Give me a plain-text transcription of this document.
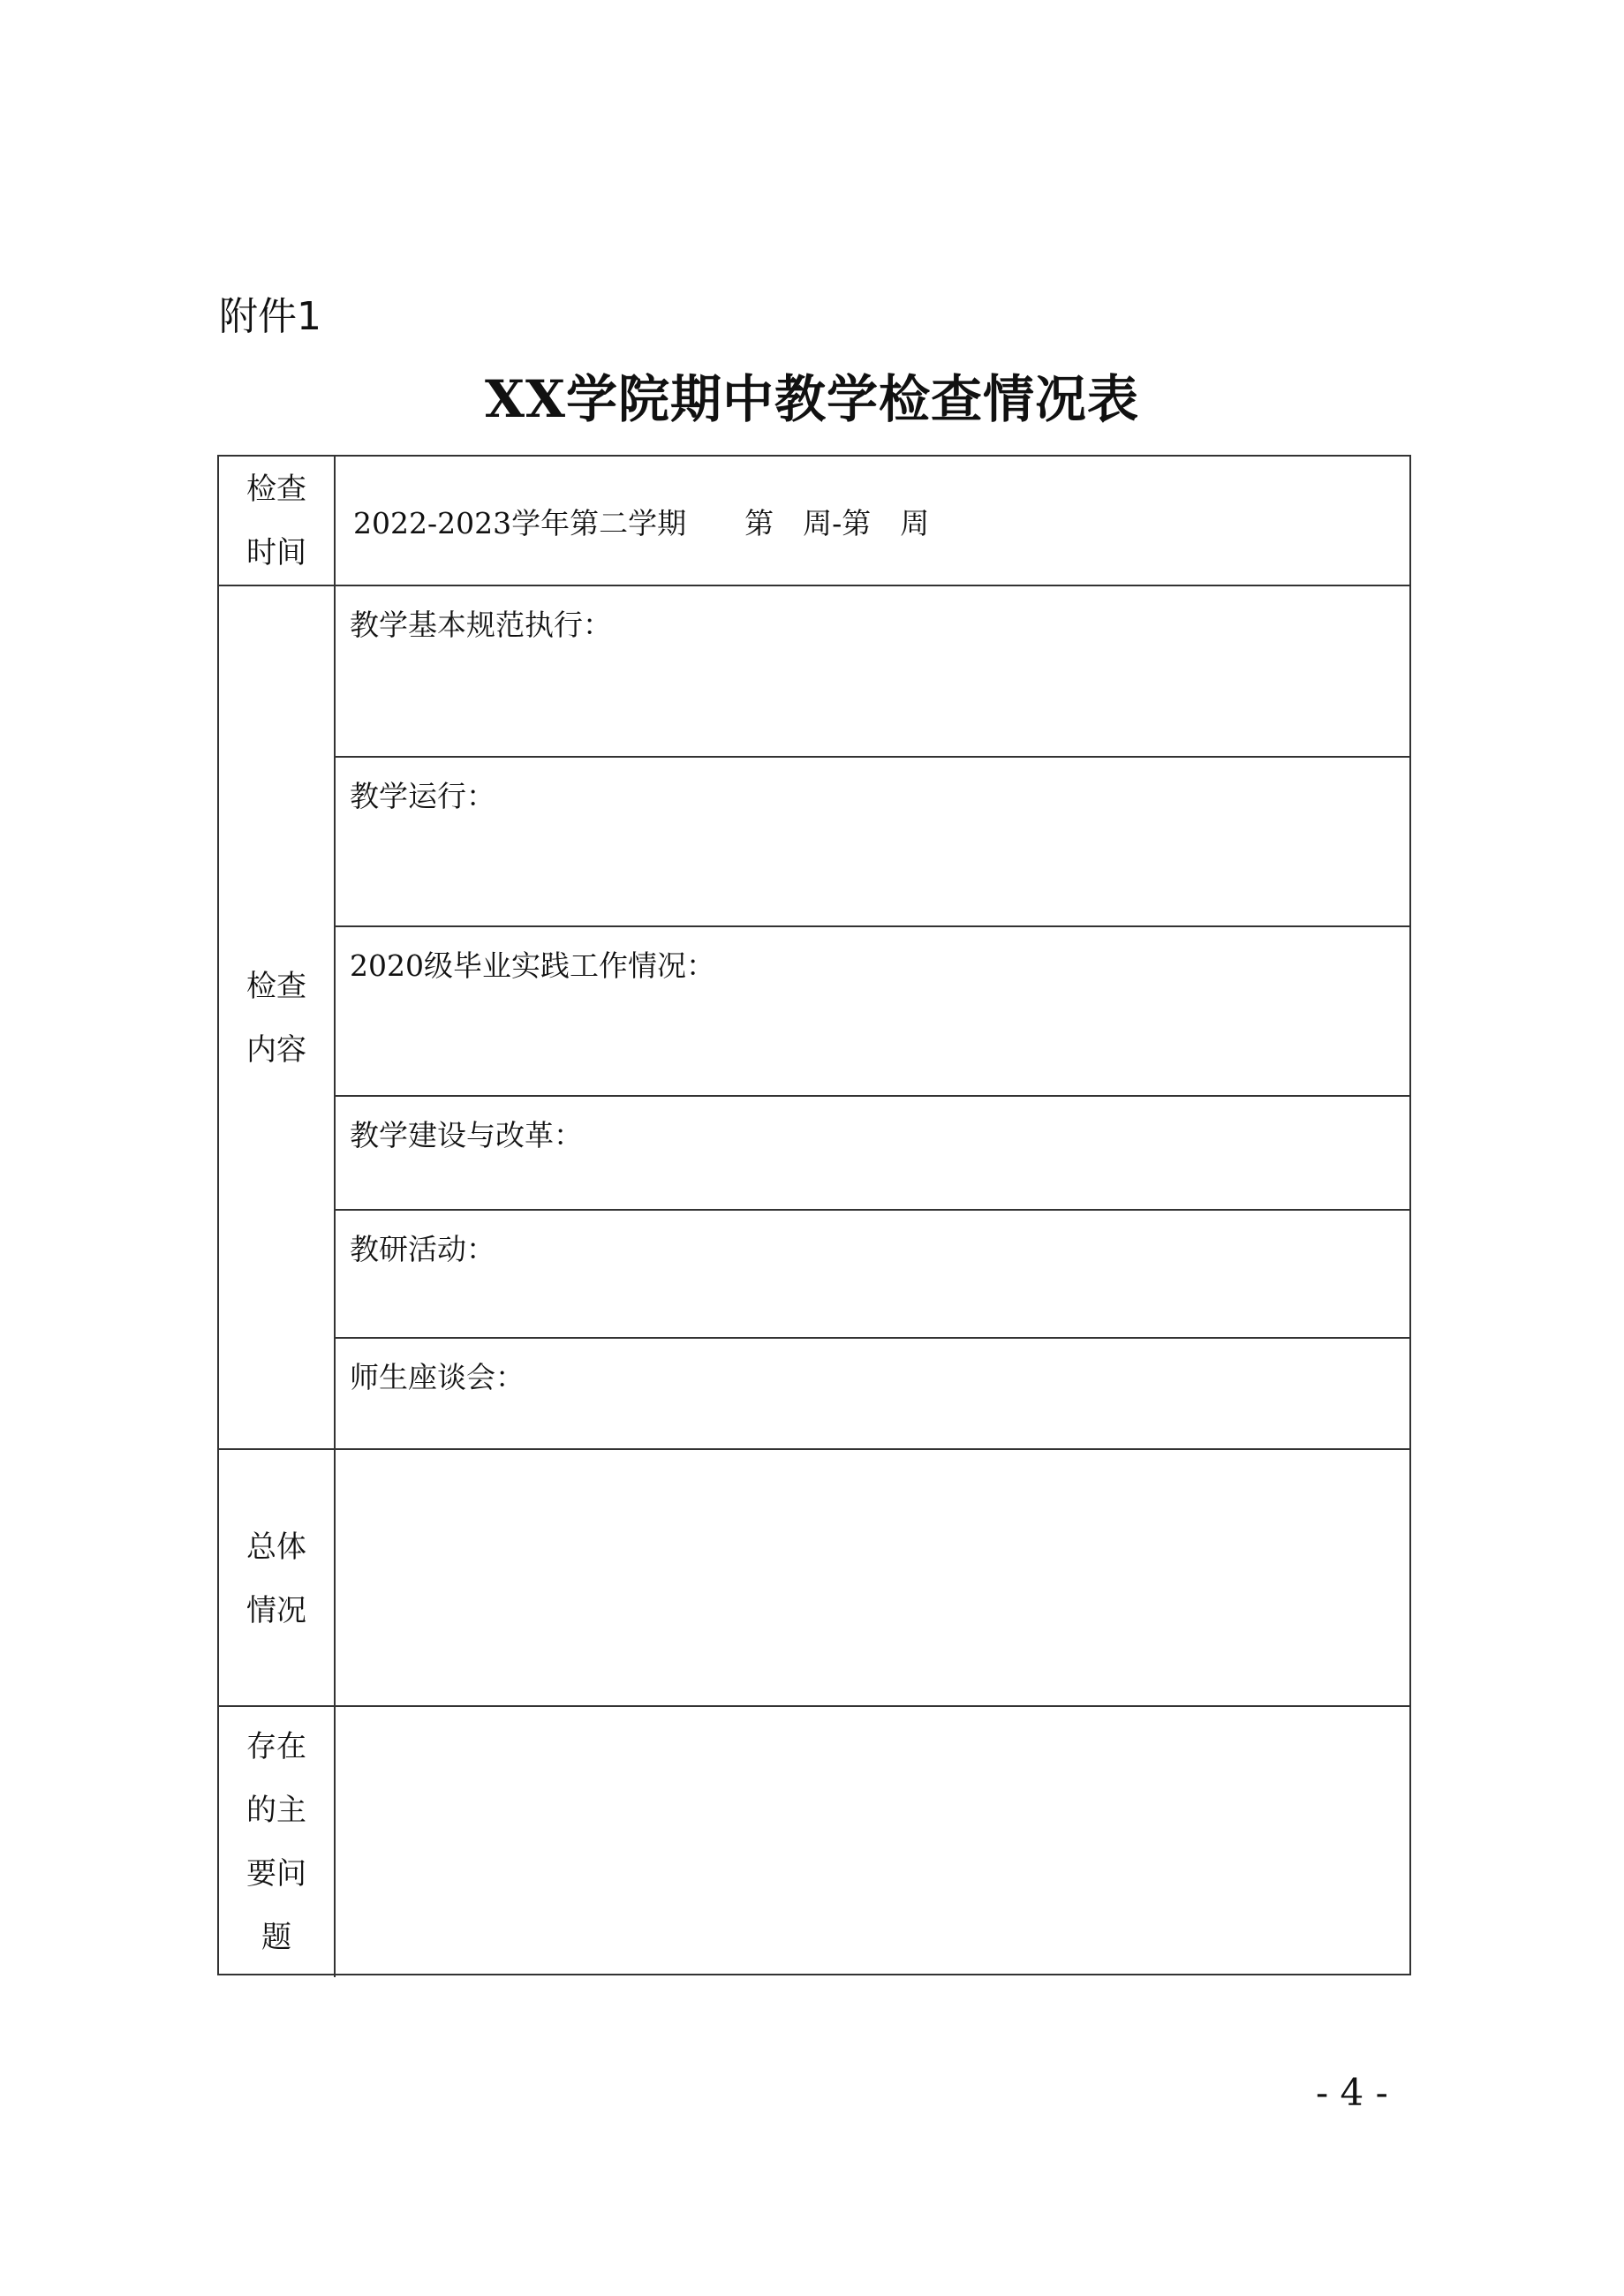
附件1
XX学院期中教学检查情况表
检查时间
2022-2023学年第二学期　　第　周-第　周
检查内容
教学基本规范执行：
教学运行：
2020级毕业实践工作情况：
教学建设与改革：
教研活动：
师生座谈会：
总体情况
存在的主要问题
- 4 -
